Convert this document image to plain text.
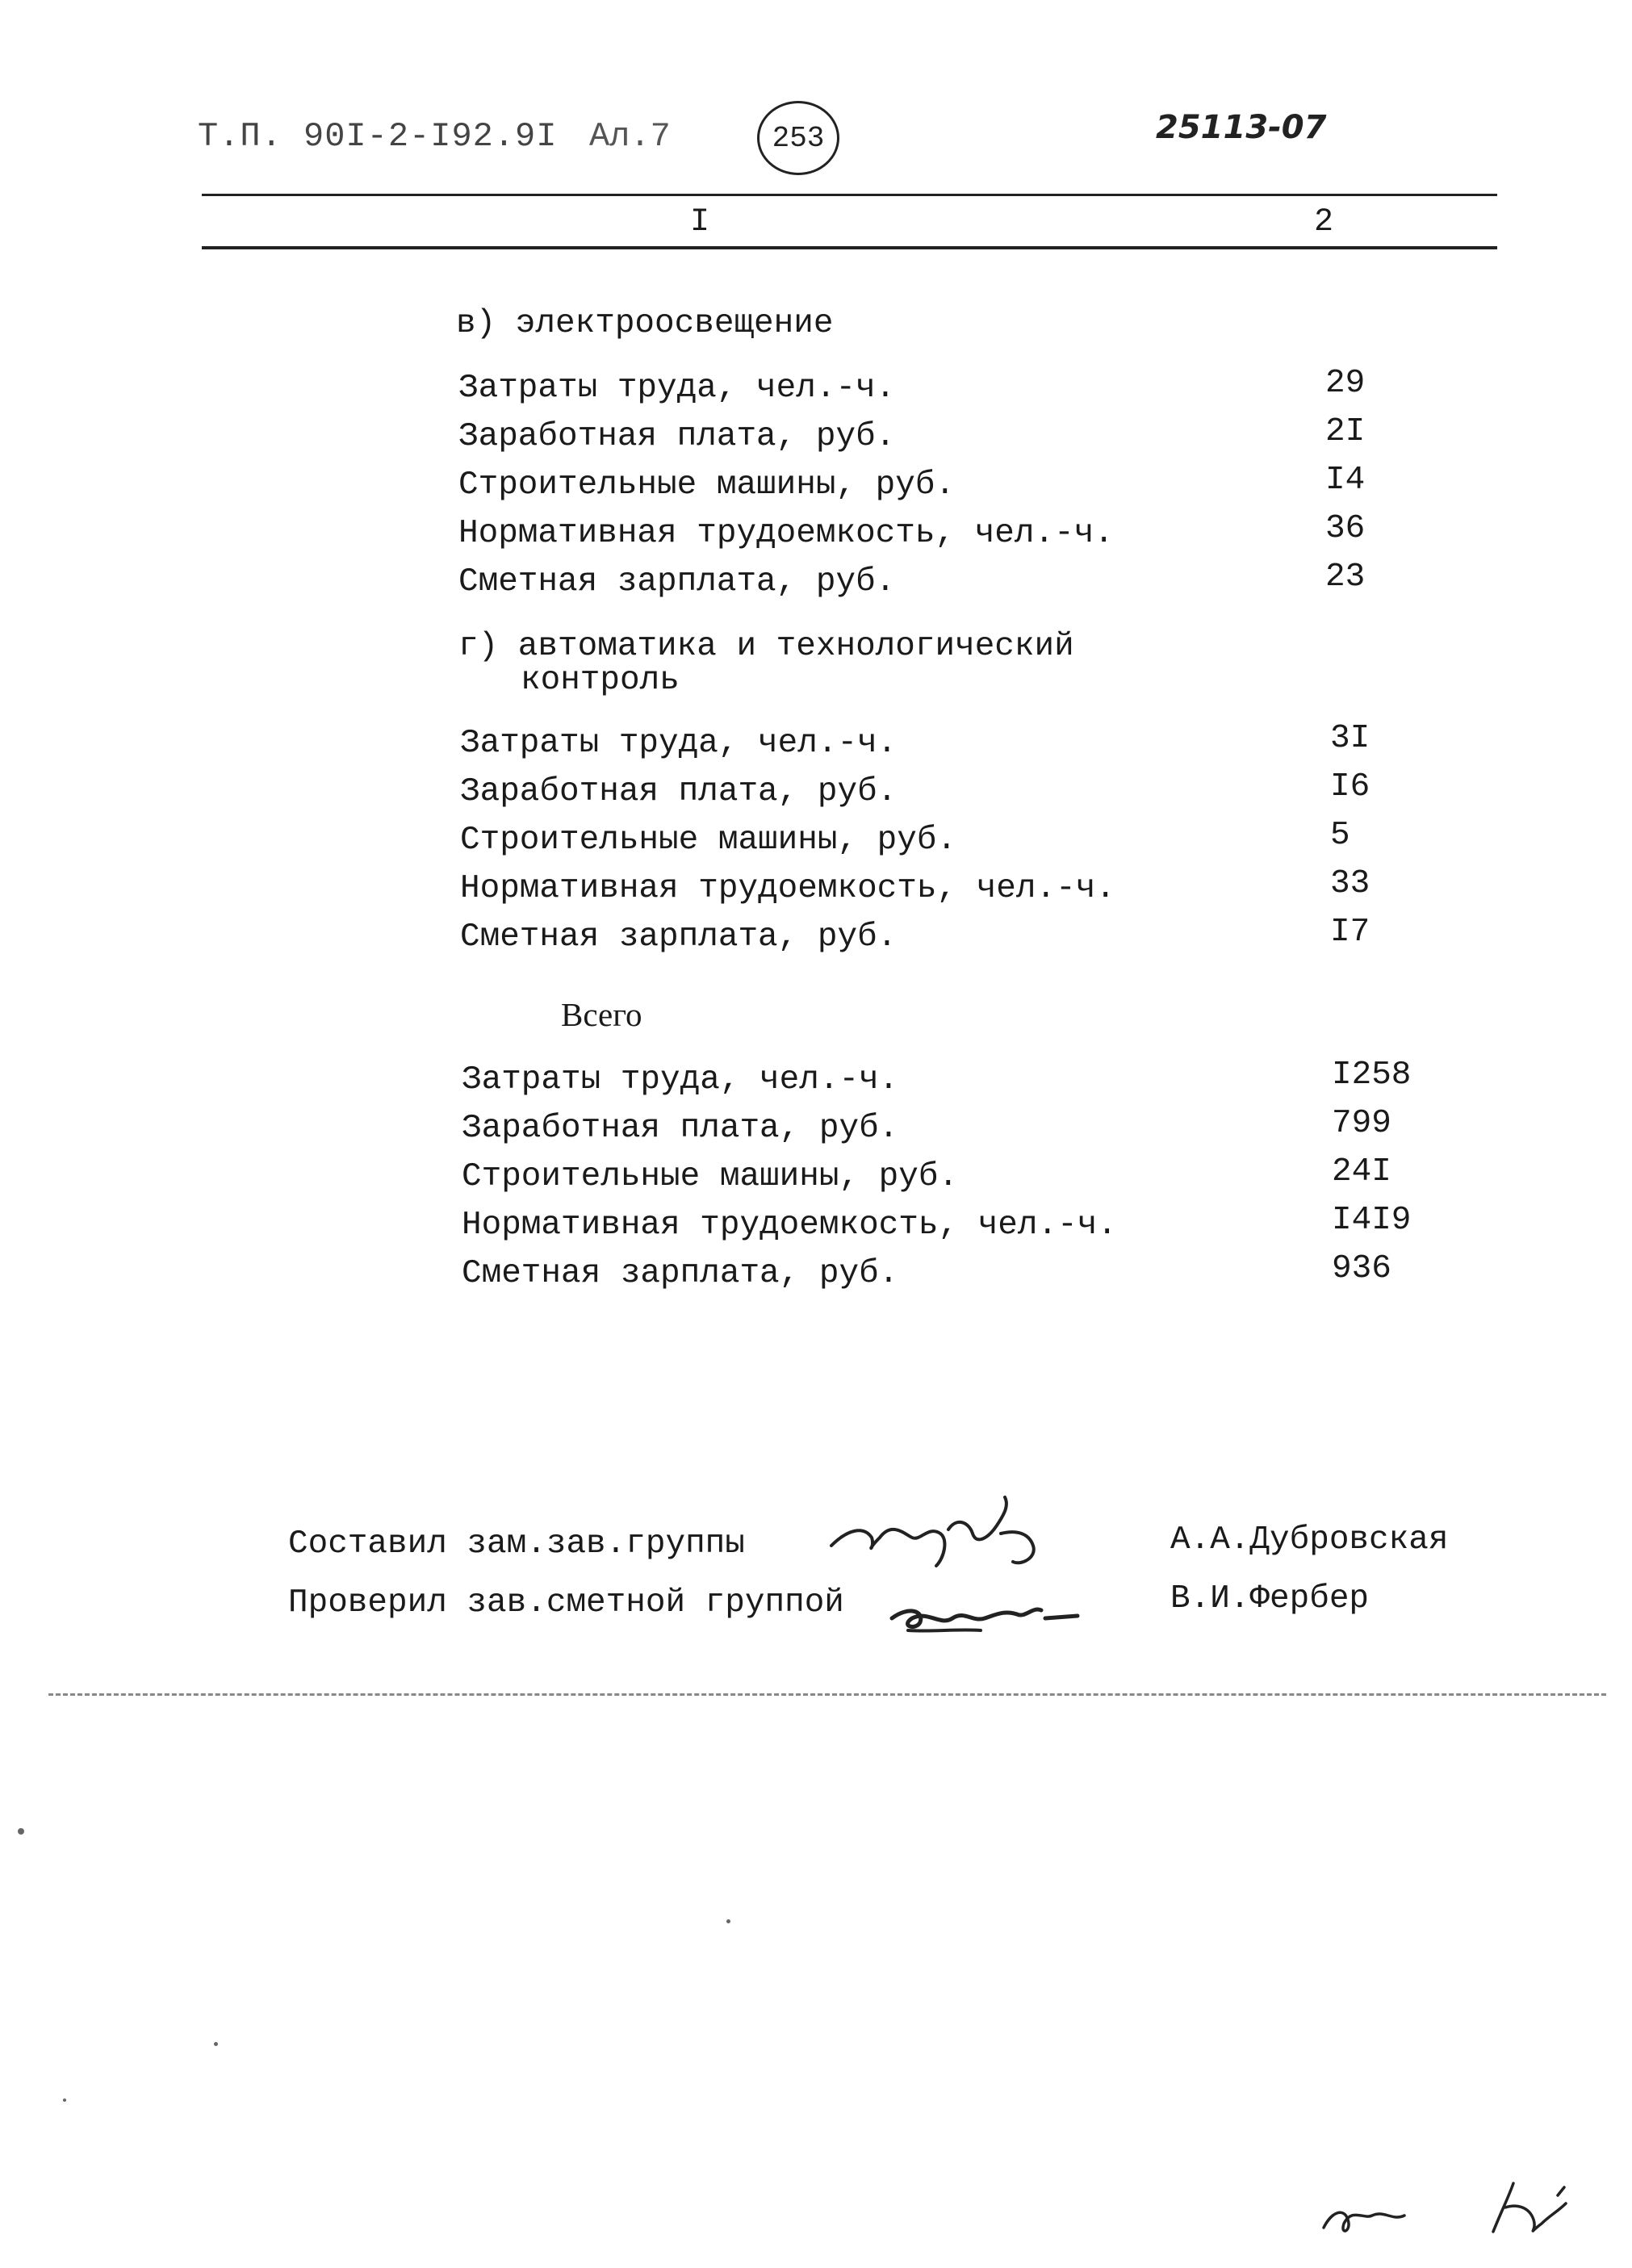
Т.П. 90I-2-I92.9I Ал.7	253	25113-07
I	2
в) электроосвещение
Затраты труда, чел.-ч.	29
Заработная плата, руб.	2I
Строительные машины, руб.	I4
Нормативная трудоемкость, чел.-ч.	36
Сметная зарплата, руб.	23
г) автоматика и технологический
контроль
Затраты труда, чел.-ч.	3I
Заработная плата, руб.	I6
Строительные машины, руб.	5
Нормативная трудоемкость, чел.-ч.	33
Сметная зарплата, руб.	I7
Всего
Затраты труда, чел.-ч.	I258
Заработная плата, руб.	799
Строительные машины, руб.	24I
Нормативная трудоемкость, чел.-ч.	I4I9
Сметная зарплата, руб.	936
Составил зам.зав.группы	А.А.Дубровская
Проверил зав.сметной группой	В.И.Фербер
